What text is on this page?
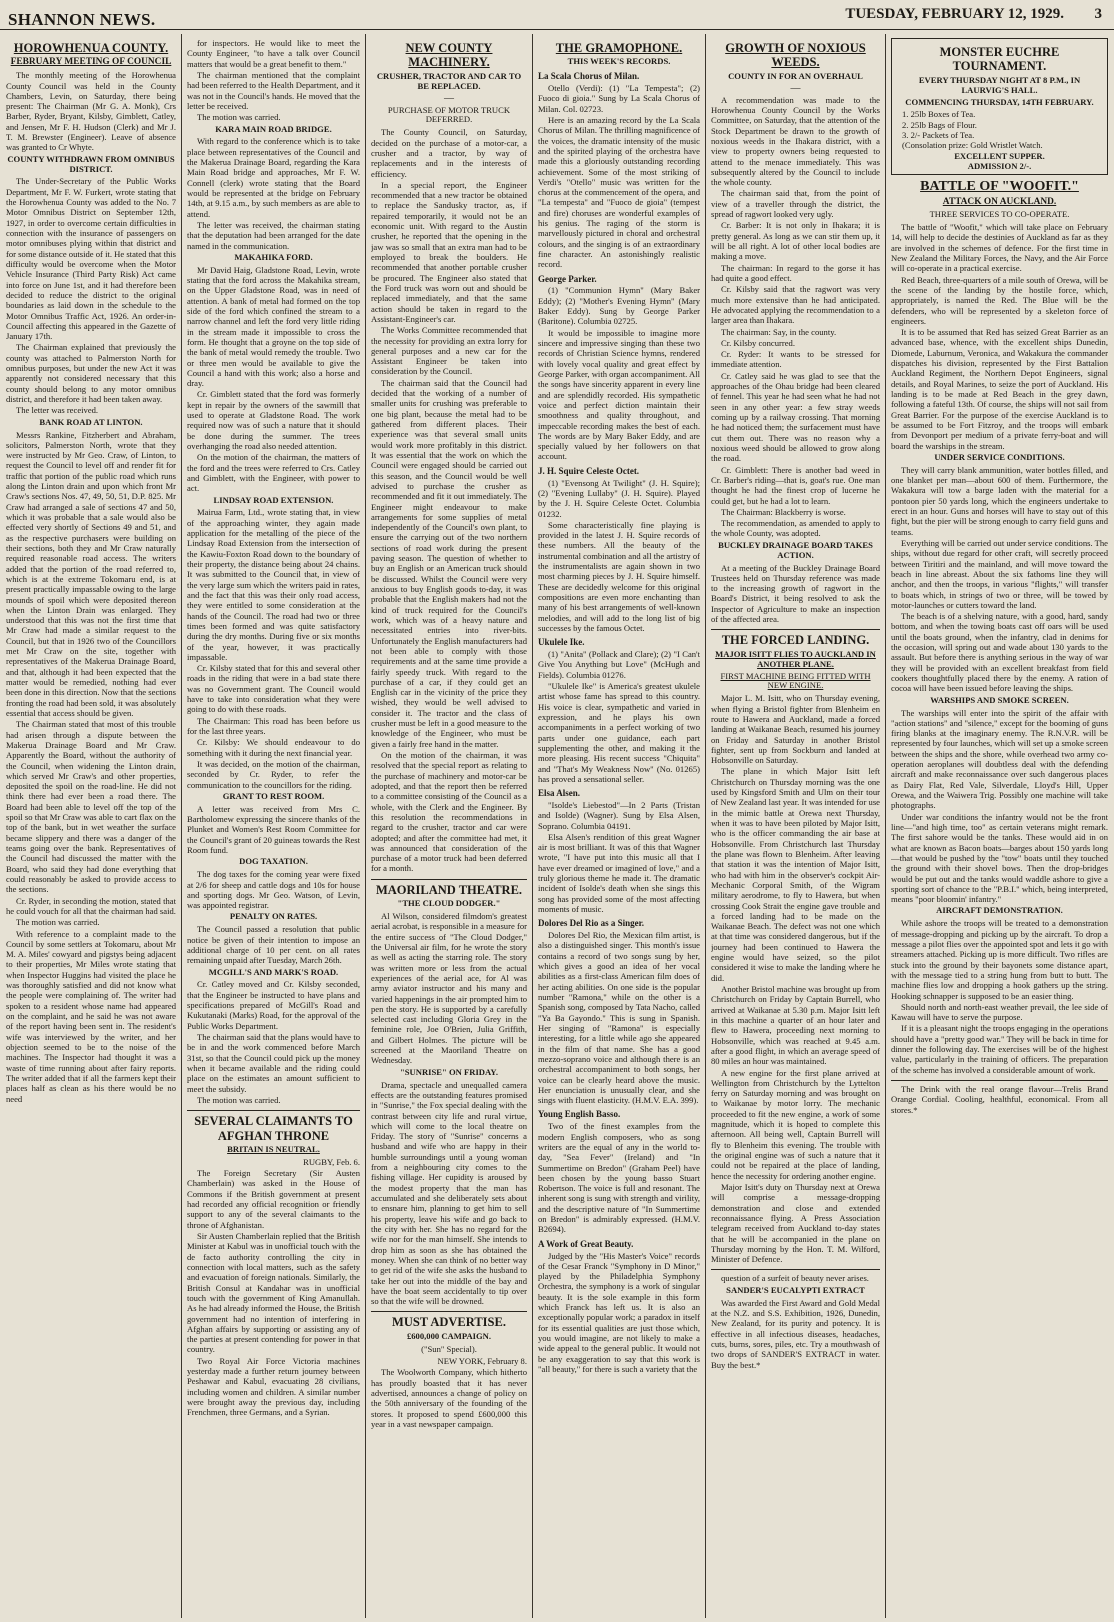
SHANNON NEWS.	TUESDAY, FEBRUARY 12, 1929. 3
HOROWHENUA COUNTY.
FEBRUARY MEETING OF COUNCIL

The monthly meeting of the Horowhenua County Council was held in the County Chambers, Levin, on Saturday, there being present: The Chairman (Mr G. A. Monk), Crs Barber, Ryder, Bryant, Kilsby, Gimblett, Catley, and Jensen, Mr F. H. Hudson (Clerk) and Mr J. T. M. Brewster (Engineer). Leave of absence was granted to Cr Whyte.

COUNTY WITHDRAWN FROM OMNIBUS DISTRICT.

The Under-Secretary of the Public Works Department, Mr F. W. Furkert, wrote stating that the Horowhenua County was added to the No. 7 Motor Omnibus District on September 12th, 1927, in order to overcome certain difficulties in connection with the insurance of passengers on motor omnibuses plying within that district and for some distance outside of it. He stated that this difficulty would be overcome when the Motor Vehicle Insurance (Third Party Risk) Act came into force on June 1st, and it had therefore been decided to reduce the district to the original boundaries as laid down in the schedule to the Motor Omnibus Traffic Act, 1926. An order-in-Council affecting this appeared in the Gazette of January 17th.

The Chairman explained that previously the county was attached to Palmerston North for omnibus purposes, but under the new Act it was apparently not considered necessary that this county should belong to any motor omnibus district, and therefore it had been taken away.

The letter was received.

BANK ROAD AT LINTON.

Messrs Rankine, Fitzherbert and Abraham, solicitors, Palmerston North, wrote that they were instructed by Mr Geo. Craw, of Linton, to request the Council to level off and render fit for traffic that portion of the public road which runs along the Linton drain and upon which front Mr Craw's sections Nos. 47, 49, 50, 51, D.P. 825. Mr Craw had arranged a sale of sections 47 and 50, which it was probable that a sale would also be effected very shortly of Sections 49 and 51, and as the respective purchasers were building on their sections, both they and Mr Craw naturally required reasonable road access. The writers added that the portion of the road referred to, which is at the extreme Tokomaru end, is at present practically impassable owing to the large mounds of spoil which were deposited thereon when the Linton Drain was enlarged. They understood that this was not the first time that Mr Craw had made a similar request to the Council, but that in 1926 two of the Councillors met Mr Craw on the site, together with representatives of the Makerua Drainage Board, and that, although it had been expected that the matter would be remedied, nothing had ever been done in this direction. Now that the sections fronting the road had been sold, it was absolutely essential that access should be given.

The Chairman stated that most of this trouble had arisen through a dispute between the Makerua Drainage Board and Mr Craw. Apparently the Board, without the authority of the Council, when widening the Linton drain, which served Mr Craw's and other properties, deposited the spoil on the road-line. He did not think there had ever been a road there. The Board had been able to level off the top of the spoil so that Mr Craw was able to cart flax on the top of the bank, but in wet weather the surface became slippery and there was a danger of the teams going over the bank. Representatives of the Council had discussed the matter with the Board, who said they had done everything that could reasonably be asked to provide access to the sections.

Cr. Ryder, in seconding the motion, stated that he could vouch for all that the chairman had said.

The motion was carried.

With reference to a complaint made to the Council by some settlers at Tokomaru, about Mr M. A. Miles' cowyard and pigstys being adjacent to their properties, Mr Miles wrote stating that when Inspector Huggins had visited the place he was thoroughly satisfied and did not know what the people were complaining of. The writer had spoken to a resident whose name had appeared on the complaint, and he said he was not aware of the report having been sent in. The resident's wife was interviewed by the writer, and her objection seemed to be to the noise of the machines. The Inspector had thought it was a waste of time running about after fairy reports. The writer added that if all the farmers kept their places half as clean as his there would be no need

for inspectors. He would like to meet the County Engineer, "to have a talk over Council matters that would be a great benefit to them."

The chairman mentioned that the complaint had been referred to the Health Department, and it was not in the Council's hands. He moved that the letter be received.

The motion was carried.

KARA MAIN ROAD BRIDGE.

With regard to the conference which is to take place between representatives of the Council and the Makerua Drainage Board, regarding the Kara Main Road bridge and approaches, Mr F. W. Connell (clerk) wrote stating that the Board would be represented at the bridge on February 14th, at 9.15 a.m., by such members as are able to attend.

The letter was received, the chairman stating that the deputation had been arranged for the date named in the communication.

MAKAHIKA FORD.

Mr David Haig, Gladstone Road, Levin, wrote stating that the ford across the Makahika stream, on the Upper Gladstone Road, was in need of attention. A bank of metal had formed on the top side of the ford which confined the stream to a narrow channel and left the ford very little riding in the stream made it impossible to cross the form. He thought that a groyne on the top side of the bank of metal would remedy the trouble. Two or three men would be available to give the Council a hand with this work; also a horse and dray.

Cr. Gimblett stated that the ford was formerly kept in repair by the owners of the sawmill that used to operate at Gladstone Road. The work required now was of such a nature that it should be done during the summer. The trees overhanging the road also needed attention.

On the motion of the chairman, the matters of the ford and the trees were referred to Crs. Catley and Gimblett, with the Engineer, with power to act.

LINDSAY ROAD EXTENSION.

Mairua Farm, Ltd., wrote stating that, in view of the approaching winter, they again made application for the metalling of the piece of the Lindsay Road Extension from the intersection of the Kawiu-Foxton Road down to the boundary of their property, the distance being about 24 chains. It was submitted to the Council that, in view of the very large sum which the writers paid in rates, and the fact that this was their only road access, they were entitled to some consideration at the hands of the Council. The road had two or three times been formed and was quite satisfactory during the dry months. During five or six months of the year, however, it was practically impassable.

Cr. Kilsby stated that for this and several other roads in the riding that were in a bad state there was no Government grant. The Council would have to take into consideration what they were going to do with these roads.

The Chairman: This road has been before us for the last three years.

Cr. Kilsby: We should endeavour to do something with it during the next financial year.

It was decided, on the motion of the chairman, seconded by Cr. Ryder, to refer the communication to the councillors for the riding.

GRANT TO REST ROOM.

A letter was received from Mrs C. Bartholomew expressing the sincere thanks of the Plunket and Women's Rest Room Committee for the Council's grant of 20 guineas towards the Rest Room fund.

DOG TAXATION.

The dog taxes for the coming year were fixed at 2/6 for sheep and cattle dogs and 10s for house and sporting dogs. Mr Geo. Watson, of Levin, was appointed registrar.

PENALTY ON RATES.

The Council passed a resolution that public notice be given of their intention to impose an additional charge of 10 per cent. on all rates remaining unpaid after Tuesday, March 26th.

MCGILL'S AND MARK'S ROAD.

Cr. Catley moved and Cr. Kilsby seconded, that the Engineer be instructed to have plans and specifications prepared of McGill's Road and Kukutanaki (Marks) Road, for the approval of the Public Works Department.

The chairman said that the plans would have to be in and the work commenced before March 31st, so that the Council could pick up the money when it became available and the riding could place on the estimates an amount sufficient to meet the subsidy.

The motion was carried.

SEVERAL CLAIMANTS TO AFGHAN THRONE
BRITAIN IS NEUTRAL.
RUGBY, Feb. 6.

The Foreign Secretary (Sir Austen Chamberlain) was asked in the House of Commons if the British government at present had recorded any official recognition or friendly support to any of the several claimants to the throne of Afghanistan.

Sir Austen Chamberlain replied that the British Minister at Kabul was in unofficial touch with the de facto authority controlling the city in connection with local matters, such as the safety and evacuation of foreign nationals. Similarly, the British Consul at Kandahar was in unofficial touch with the government of King Amanullah. As he had already informed the House, the British government had no intention of interfering in Afghan affairs by supporting or assisting any of the parties at present contending for power in that country.

Two Royal Air Force Victoria machines yesterday made a further return journey between Peshawar and Kabul, evacuating 28 civilians, including women and children. A similar number were brought away the previous day, including Frenchmen, three Germans, and a Syrian.

NEW COUNTY MACHINERY.
CRUSHER, TRACTOR AND CAR TO BE REPLACED.
—
PURCHASE OF MOTOR TRUCK DEFERRED.

The County Council, on Saturday, decided on the purchase of a motor-car, a crusher and a tractor, by way of replacements and in the interests of efficiency.

In a special report, the Engineer recommended that a new tractor be obtained to replace the Sandusky tractor, as, if repaired temporarily, it would not be an economic unit. With regard to the Austin crusher, he reported that the opening in the jaw was so small that an extra man had to be employed to break the boulders. He recommended that another portable crusher be procured. The Engineer also stated that the Ford truck was worn out and should be replaced immediately, and that the same action should be taken in regard to the Assistant-Engineer's car.

The Works Committee recommended that the necessity for providing an extra lorry for general purposes and a new car for the Assistant Engineer be taken into consideration by the Council.

The chairman said that the Council had decided that the working of a number of smaller units for crushing was preferable to one big plant, because the metal had to be gathered from different places. Their experience was that several small units would work more profitably in this district. It was essential that the work on which the Council were engaged should be carried out this season, and the Council would be well advised to purchase the crusher as recommended and fit it out immediately. The Engineer might endeavour to make arrangements for some supplies of metal independently of the Council's own plant, to ensure the carrying out of the two northern sections of road work during the present paving season. The question of whether to buy an English or an American truck should be discussed. Whilst the Council were very anxious to buy English goods to-day, it was probable that the English makers had not the kind of truck required for the Council's work, which was of a heavy nature and necessitated entries into river-bits. Unfortunately the English manufacturers had not been able to comply with those requirements and at the same time provide a fairly speedy truck. With regard to the purchase of a car, if they could get an English car in the vicinity of the price they wished, they would be well advised to consider it. The tractor and the class of crusher must be left in a good measure to the knowledge of the Engineer, who must be given a fairly free hand in the matter.

On the motion of the chairman, it was resolved that the special report as relating to the purchase of machinery and motor-car be adopted, and that the report then be referred to a committee consisting of the Council as a whole, with the Clerk and the Engineer. By this resolution the recommendations in regard to the crusher, tractor and car were adopted; and after the committee had met, it was announced that consideration of the purchase of a motor truck had been deferred for a month.

MAORILAND THEATRE.
"THE CLOUD DODGER."

Al Wilson, considered filmdom's greatest aerial acrobat, is responsible in a measure for the entire success of "The Cloud Dodger," the Universal air film, for he wrote the story as well as acting the starring role. The story was written more or less from the actual experiences of the aerial ace, for Al was army aviator instructor and his many and varied happenings in the air prompted him to pen the story. He is supported by a carefully selected cast including Gloria Grey in the feminine role, Joe O'Brien, Julia Griffith, and Gilbert Holmes. The picture will be screened at the Maoriland Theatre on Wednesday.

"SUNRISE" ON FRIDAY.

Drama, spectacle and unequalled camera effects are the outstanding features promised in "Sunrise," the Fox special dealing with the contrast between city life and rural virtue, which will come to the local theatre on Friday. The story of "Sunrise" concerns a husband and wife who are happy in their humble surroundings until a young woman from a neighbouring city comes to the fishing village. Her cupidity is aroused by the modest property that the man has accumulated and she deliberately sets about to ensnare him, planning to get him to sell his property, leave his wife and go back to the city with her. She has no regard for the wife nor for the man himself. She intends to drop him as soon as she has obtained the money. When she can think of no better way to get rid of the wife she asks the husband to take her out into the middle of the bay and have the boat seem accidentally to tip over so that the wife will be drowned.

MUST ADVERTISE.
£600,000 CAMPAIGN.
("Sun" Special).
NEW YORK, February 8.

The Woolworth Company, which hitherto has proudly boasted that it has never advertised, announces a change of policy on the 50th anniversary of the founding of the stores. It proposed to spend £600,000 this year in a vast newspaper campaign.

THE GRAMOPHONE.
THIS WEEK'S RECORDS.
La Scala Chorus of Milan.

Otello (Verdi): (1) "La Tempesta"; (2) Fuoco di gioia." Sung by La Scala Chorus of Milan. Col. 02723.

Here is an amazing record by the La Scala Chorus of Milan. The thrilling magnificence of the voices, the dramatic intensity of the music and the spirited playing of the orchestra have made this a gloriously outstanding recording achievement. Some of the most striking of Verdi's "Otello" music was written for the chorus at the commencement of the opera, and "La tempesta" and "Fuoco de gioia" (tempest and fire) choruses are wonderful examples of his genius. The raging of the storm is marvellously pictured in choral and orchestral colours, and the singing is of an extraordinary fine character. An astonishingly realistic record.

George Parker.

(1) "Communion Hymn" (Mary Baker Eddy); (2) "Mother's Evening Hymn" (Mary Baker Eddy). Sung by George Parker (Baritone). Columbia 02725.

It would be impossible to imagine more sincere and impressive singing than these two records of Christian Science hymns, rendered with lovely vocal quality and great effect by George Parker, with organ accompaniment. All the songs have sincerity apparent in every line and are splendidly recorded. His sympathetic voice and perfect diction maintain their smoothness and quality throughout, and impeccable recording makes the best of each. The words are by Mary Baker Eddy, and are specially valued by her followers on that account.

J. H. Squire Celeste Octet.

(1) "Evensong At Twilight" (J. H. Squire); (2) "Evening Lullaby" (J. H. Squire). Played by the J. H. Squire Celeste Octet. Columbia 01232.

Some characteristically fine playing is provided in the latest J. H. Squire records of these numbers. All the beauty of the instrumental combination and all the artistry of the instrumentalists are again shown in two most charming pieces by J. H. Squire himself. These are decidedly welcome for this original compositions are even more enchanting than many of his best arrangements of well-known melodies, and will add to the long list of big successes by the famous Octet.

Ukulele Ike.

(1) "Anita" (Pollack and Clare); (2) "I Can't Give You Anything but Love" (McHugh and Fields). Columbia 01276.

"Ukulele Ike" is America's greatest ukulele artist whose fame has spread to this country. His voice is clear, sympathetic and varied in expression, and he plays his own accompaniments in a perfect working of two parts under one guidance, each part supplementing the other, and making it the more pleasing. His recent success "Chiquita" and "That's My Weakness Now" (No. 01265) has proved a sensational seller.

Elsa Alsen.

"Isolde's Liebestod"—In 2 Parts (Tristan and Isolde) (Wagner). Sung by Elsa Alsen, Soprano. Columbia 04191.

Elsa Alsen's rendition of this great Wagner air is most brilliant. It was of this that Wagner wrote, "I have put into this music all that I have ever dreamed or imagined of love," and a truly glorious theme he made it. The dramatic incident of Isolde's death when she sings this song has provided some of the most affecting moments of music.

Dolores Del Rio as a Singer.

Dolores Del Rio, the Mexican film artist, is also a distinguished singer. This month's issue contains a record of two songs sung by her, which gives a good an idea of her vocal abilities as a first-class American film does of her acting abilities. On one side is the popular number "Ramona," while on the other is a Spanish song, composed by Tata Nacho, called "Ya Ba Gayondo." This is sung in Spanish. Her singing of "Ramona" is especially interesting, for a little while ago she appeared in the film of that name. She has a good mezzo-soprano voice and although there is an orchestral accompaniment to both songs, her voice can be clearly heard above the music. Her enunciation is unusually clear, and she sings with fluent elasticity. (H.M.V. E.A. 399).

Young English Basso.

Two of the finest examples from the modern English composers, who as song writers are the equal of any in the world to-day, "Sea Fever" (Ireland) and "In Summertime on Bredon" (Graham Peel) have been chosen by the young basso Stuart Robertson. The voice is full and resonant. The inherent song is sung with strength and virility, and the descriptive nature of "In Summertime on Bredon" is admirably expressed. (H.M.V. B2694).

A Work of Great Beauty.

Judged by the "His Master's Voice" records of the Cesar Franck "Symphony in D Minor," played by the Philadelphia Symphony Orchestra, the symphony is a work of singular beauty. It is the sole example in this form which Franck has left us. It is also an exceptionally popular work; a paradox in itself for its essential qualities are just those which, you would imagine, are not likely to make a wide appeal to the general public. It would not be any exaggeration to say that this work is "all beauty," for there is such a variety that the

GROWTH OF NOXIOUS WEEDS.
COUNTY IN FOR AN OVERHAUL
—

A recommendation was made to the Horowhenua County Council by the Works Committee, on Saturday, that the attention of the Stock Department be drawn to the growth of noxious weeds in the Ihakara district, with a view to property owners being requested to attend to the menace immediately. This was subsequently altered by the Council to include the whole county.

The chairman said that, from the point of view of a traveller through the district, the spread of ragwort looked very ugly.

Cr. Barber: It is not only in Ihakara; it is pretty general. As long as we can stir them up, it will be all right. A lot of other local bodies are making a move.

The chairman: In regard to the gorse it has had quite a good effect.

Cr. Kilsby said that the ragwort was very much more extensive than he had anticipated. He advocated applying the recommendation to a larger area than Ihakara.

The chairman: Say, in the county.

Cr. Kilsby concurred.

Cr. Ryder: It wants to be stressed for immediate attention.

Cr. Catley said he was glad to see that the approaches of the Ohau bridge had been cleared of fennel. This year he had seen what he had not seen in any other year: a few stray weeds coming up by a railway crossing. That morning he had noticed them; the surfacement must have cut them out. There was no reason why a noxious weed should be allowed to grow along the road.

Cr. Gimblett: There is another bad weed in Cr. Barber's riding—that is, goat's rue. One man thought he had the finest crop of lucerne he could get, but he had a lot to learn.

The Chairman: Blackberry is worse.

The recommendation, as amended to apply to the whole County, was adopted.

BUCKLEY DRAINAGE BOARD TAKES ACTION.

At a meeting of the Buckley Drainage Board Trustees held on Thursday reference was made to the increasing growth of ragwort in the Board's District, it being resolved to ask the Inspector of Agriculture to make an inspection of the affected area.

THE FORCED LANDING.
MAJOR ISITT FLIES TO AUCKLAND IN ANOTHER PLANE.
FIRST MACHINE BEING FITTED WITH NEW ENGINE.

Major L. M. Isitt, who on Thursday evening, when flying a Bristol fighter from Blenheim en route to Hawera and Auckland, made a forced landing at Waikanae Beach, resumed his journey on Friday and Saturday in another Bristol fighter, sent up from Sockburn and landed at Hobsonville on Saturday.

The plane in which Major Isitt left Christchurch on Thursday morning was the one used by Kingsford Smith and Ulm on their tour of New Zealand last year. It was intended for use in the mimic battle at Orewa next Thursday, when it was to have been piloted by Major Isitt, who is the officer commanding the air base at Hobsonville. From Christchurch last Thursday the plane was flown to Blenheim. After leaving that station it was the intention of Major Isitt, who had with him in the observer's cockpit Air-Mechanic Corporal Smith, of the Wigram military aerodrome, to fly to Hawera, but when crossing Cook Strait the engine gave trouble and a forced landing had to be made on the Waikanae Beach. The defect was not one which at that time was considered dangerous, but if the journey had been continued to Hawera the engine would have seized, so the pilot considered it wise to make the landing where he did.

Another Bristol machine was brought up from Christchurch on Friday by Captain Burrell, who arrived at Waikanae at 5.30 p.m. Major Isitt left in this machine a quarter of an hour later and flew to Hawera, proceeding next morning to Hobsonville, which was reached at 9.45 a.m. after a good flight, in which an average speed of 80 miles an hour was maintained.

A new engine for the first plane arrived at Wellington from Christchurch by the Lyttelton ferry on Saturday morning and was brought on to Waikanae by motor lorry. The mechanic proceeded to fit the new engine, a work of some magnitude, which it is hoped to complete this afternoon. All being well, Captain Burrell will fly to Blenheim this evening. The trouble with the original engine was of such a nature that it could not be repaired at the place of landing, hence the necessity for ordering another engine.

Major Isitt's duty on Thursday next at Orewa will comprise a message-dropping demonstration and close and extended reconnaissance flying. A Press Association telegram received from Auckland to-day states that he will be accompanied in the plane on Thursday morning by the Hon. T. M. Wilford, Minister of Defence.

question of a surfeit of beauty never arises.

SANDER'S EUCALYPTI EXTRACT

Was awarded the First Award and Gold Medal at the N.Z. and S.S. Exhibition, 1926, Dunedin, New Zealand, for its purity and potency. It is effective in all infectious diseases, headaches, cuts, burns, sores, piles, etc. Try a mouthwash of two drops of SANDER'S EXTRACT in water. Buy the best.*

MONSTER EUCHRE TOURNAMENT.
EVERY THURSDAY NIGHT AT 8 P.M., IN LAURVIG'S HALL.
COMMENCING THURSDAY, 14TH FEBRUARY.
1. 25lb Boxes of Tea.
2. 25lb Bags of Flour.
3. 2/- Packets of Tea.
(Consolation prize: Gold Wristlet Watch.
EXCELLENT SUPPER.
ADMISSION 2/-.
BATTLE OF "WOOFIT."
ATTACK ON AUCKLAND.
THREE SERVICES TO CO-OPERATE.

The battle of "Woofit," which will take place on February 14, will help to decide the destinies of Auckland as far as they are involved in the schemes of defence. For the first time in New Zealand the Military Forces, the Navy, and the Air Force will co-operate in a practical exercise.

Red Beach, three-quarters of a mile south of Orewa, will be the scene of the landing by the hostile force, which, appropriately, is named the Red. The Blue will be the defenders, who will be represented by a skeleton force of engineers.

It is to be assumed that Red has seized Great Barrier as an advanced base, whence, with the excellent ships Dunedin, Diomede, Laburnum, Veronica, and Wakakura the commander dispatches his division, represented by the First Battalion Auckland Regiment, the Northern Depot Engineers, signal details, and Royal Marines, to seize the port of Auckland. His landing is to be made at Red Beach in the grey dawn, following a fateful 13th. Of course, the ships will not sail from Great Barrier. For the purpose of the exercise Auckland is to be assumed to be Fort Fitzroy, and the troops will embark from Devonport per medium of a private ferry-boat and will board the warships in the stream.

UNDER SERVICE CONDITIONS.

They will carry blank ammunition, water bottles filled, and one blanket per man—about 600 of them. Furthermore, the Wakakura will tow a barge laden with the material for a pontoon pier 50 yards long, which the engineers undertake to erect in an hour. Guns and horses will have to stay out of this fight, but the pier will be strong enough to carry field guns and teams.

Everything will be carried out under service conditions. The ships, without due regard for other craft, will secretly proceed between Tiritiri and the mainland, and will move toward the beach in line abreast. About the six fathoms line they will anchor, and then the troops, in various "flights," will transfer to boats which, in strings of two or three, will be towed by motor-launches or cutters toward the land.

The beach is of a shelving nature, with a good, hard, sandy bottom, and when the towing boats cast off oars will be used until the boats ground, when the infantry, clad in denims for the occasion, will spring out and wade about 130 yards to the assault. But before there is anything serious in the way of war they will be provided with an excellent breakfast from field cookers thoughtfully placed there by the enemy. A ration of cocoa will have been issued before leaving the ships.

WARSHIPS AND SMOKE SCREEN.

The warships will enter into the spirit of the affair with "action stations" and "silence," except for the booming of guns firing blanks at the imaginary enemy. The R.N.V.R. will be represented by four launches, which will set up a smoke screen between the ships and the shore, while overhead two army co-operation aeroplanes will doubtless deal with the defending aircraft and make reconnaissance over such dangerous places as Dairy Flat, Red Vale, Silverdale, Lloyd's Hill, Upper Orewa, and the Waiwera Trig. Possibly one machine will take photographs.

Under war conditions the infantry would not be the front line—"and high time, too" as certain veterans might remark. The first sahore would be the tanks. These would aid in on what are known as Bacon boats—barges about 150 yards long—that would be pushed by the "tow" boats until they touched the ground with their shovel bows. Then the drop-bridges would be put out and the tanks would waddle ashore to give a sporting sort of chance to the "P.B.I." which, being interpreted, means "poor bloomin' infantry."

AIRCRAFT DEMONSTRATION.

While ashore the troops will be treated to a demonstration of message-dropping and picking up by the aircraft. To drop a message a pilot flies over the appointed spot and lets it go with streamers attached. Picking up is more difficult. Two rifles are stuck into the ground by their bayonets some distance apart, with the message tied to a string hung from butt to butt. The machine flies low and dropping a hook gathers up the string. Hooking schnapper is supposed to be an easier thing.

Should north and north-east weather prevail, the lee side of Kawau will have to serve the purpose.

If it is a pleasant night the troops engaging in the operations should have a "pretty good war." They will be back in time for dinner the following day. The exercises will be of the highest value, particularly in the training of officers. The preparation of the scheme has involved a considerable amount of work.

The Drink with the real orange flavour—Trelis Brand Orange Cordial. Cooling, healthful, economical. From all stores.*
